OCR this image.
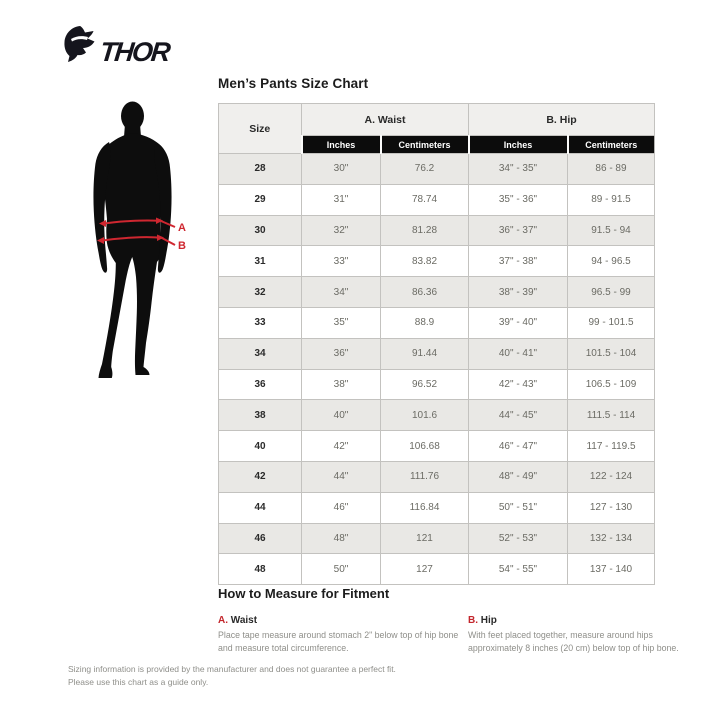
THOR
Men’s Pants Size Chart
A
B
Size	A. Waist		B. Hip	
	Inches	Centimeters	Inches	Centimeters
28	30"	76.2	34" - 35"	86 - 89
29	31"	78.74	35" - 36"	89 - 91.5
30	32"	81.28	36" - 37"	91.5 - 94
31	33"	83.82	37" - 38"	94 - 96.5
32	34"	86.36	38" - 39"	96.5 - 99
33	35"	88.9	39" - 40"	99 - 101.5
34	36"	91.44	40" - 41"	101.5 - 104
36	38"	96.52	42" - 43"	106.5 - 109
38	40"	101.6	44" - 45"	111.5 - 114
40	42"	106.68	46" - 47"	117 - 119.5
42	44"	111.76	48" - 49"	122 - 124
44	46"	116.84	50" - 51"	127 - 130
46	48"	121	52" - 53"	132 - 134
48	50"	127	54" - 55"	137 - 140
How to Measure for Fitment
A. Waist

Place tape measure around stomach 2" below top of hip bone and measure total circumference.

B. Hip

With feet placed together, measure around hips approximately 8 inches (20 cm) below top of hip bone.

Sizing information is provided by the manufacturer and does not guarantee a perfect fit.
Please use this chart as a guide only.
